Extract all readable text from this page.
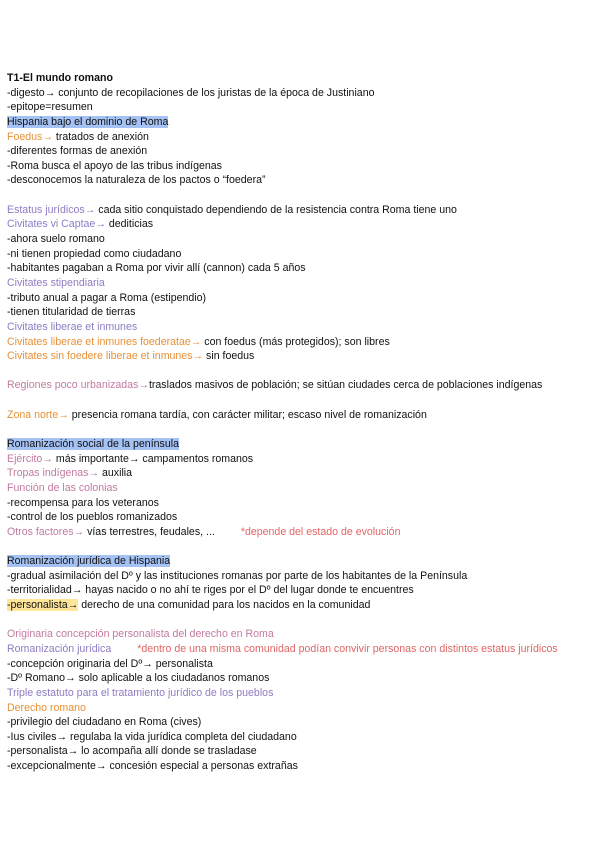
T1-El mundo romano
-digesto→ conjunto de recopilaciones de los juristas de la época de Justiniano
-epitope=resumen
Hispania bajo el dominio de Roma
Foedus→ tratados de anexión
-diferentes formas de anexión
-Roma busca el apoyo de las tribus indígenas
-desconocemos la naturaleza de los pactos o “foedera”
Estatus jurídicos→ cada sitio conquistado dependiendo de la resistencia contra Roma tiene uno
Civitates vi Captae→ dediticias
-ahora suelo romano
-ni tienen propiedad como ciudadano
-habitantes pagaban a Roma por vivir allí (cannon) cada 5 años
Civitates stipendiaria
-tributo anual a pagar a Roma (estipendio)
-tienen titularidad de tierras
Civitates liberae et inmunes
Civitates liberae et inmunes foederatae→ con foedus (más protegidos); son libres
Civitates sin foedere liberae et inmunes→ sin foedus
Regiones poco urbanizadas→traslados masivos de población; se sitúan ciudades cerca de poblaciones indígenas
Zona norte→ presencia romana tardía, con carácter militar; escaso nivel de romanización
Romanización social de la península
Ejército→ más importante→ campamentos romanos
Tropas indígenas→ auxilia
Función de las colonias
-recompensa para los veteranos
-control de los pueblos romanizados
Otros factores→ vías terrestres, feudales, ... *depende del estado de evolución
Romanización jurídica de Hispania
-gradual asimilación del Dº y las instituciones romanas por parte de los habitantes de la Península
-territorialidad→ hayas nacido o no ahí te riges por el Dº del lugar donde te encuentres
-personalista→ derecho de una comunidad para los nacidos en la comunidad
Originaria concepción personalista del derecho en Roma
Romanización jurídica *dentro de una misma comunidad podían convivir personas con distintos estatus jurídicos
-concepción originaria del Dº→ personalista
-Dº Romano→ solo aplicable a los ciudadanos romanos
Triple estatuto para el tratamiento jurídico de los pueblos
Derecho romano
-privilegio del ciudadano en Roma (cives)
-Ius civiles→ regulaba la vida jurídica completa del ciudadano
-personalista→ lo acompaña allí donde se trasladase
-excepcionalmente→ concesión especial a personas extrañas
